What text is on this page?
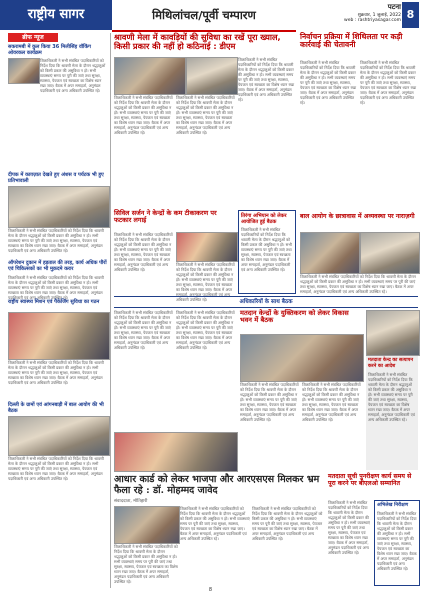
राष्ट्रीय सागर	मिथिलांचल/पूर्वी चम्पारण
पटना
शुक्रवार, 1 जुलाई, 2022
web : rashtriyasagar.com 8
ब्रीफ न्यूज
सकरामबी में कुल किया 36 मिलीसिंह वॉकिंग ओवरकल कार्यक्रम
जिलाधिकारी ने सभी संबंधित पदाधिकारियों को निर्देश दिया कि श्रावणी मेला के दौरान श्रद्धालुओं को किसी प्रकार की असुविधा न हो। सभी व्यवस्थाएं समय पर पूरी की जाएं तथा सुरक्षा, स्वास्थ्य, पेयजल एवं स्वच्छता का विशेष ध्यान रखा जाए। बैठक में अपर समाहर्ता, अनुमंडल पदाधिकारी एवं अन्य अधिकारी उपस्थित रहे।
दीपक में काग़ज़ात देखते हुए अंशस व पर्यटक भी हुए प्रतिभावाली
जिलाधिकारी ने सभी संबंधित पदाधिकारियों को निर्देश दिया कि श्रावणी मेला के दौरान श्रद्धालुओं को किसी प्रकार की असुविधा न हो। सभी व्यवस्थाएं समय पर पूरी की जाएं तथा सुरक्षा, स्वास्थ्य, पेयजल एवं स्वच्छता का विशेष ध्यान रखा जाए। बैठक में अपर समाहर्ता, अनुमंडल पदाधिकारी एवं अन्य अधिकारी उपस्थित रहे।
ऑपरेशन दुकान में हड़ताल की तरह, कार्य अधिक पौरों एवं चिकित्सकों का भी मुक़दमे करार
जिलाधिकारी ने सभी संबंधित पदाधिकारियों को निर्देश दिया कि श्रावणी मेला के दौरान श्रद्धालुओं को किसी प्रकार की असुविधा न हो। सभी व्यवस्थाएं समय पर पूरी की जाएं तथा सुरक्षा, स्वास्थ्य, पेयजल एवं स्वच्छता का विशेष ध्यान रखा जाए। बैठक में अपर समाहर्ता, अनुमंडल पदाधिकारी एवं अन्य अधिकारी उपस्थित रहे।
राष्ट्रीय स्वास्थ्य मिशन एवं पैकेजिंग सुविधा का गठन
जिलाधिकारी ने सभी संबंधित पदाधिकारियों को निर्देश दिया कि श्रावणी मेला के दौरान श्रद्धालुओं को किसी प्रकार की असुविधा न हो। सभी व्यवस्थाएं समय पर पूरी की जाएं तथा सुरक्षा, स्वास्थ्य, पेयजल एवं स्वच्छता का विशेष ध्यान रखा जाए। बैठक में अपर समाहर्ता, अनुमंडल पदाधिकारी एवं अन्य अधिकारी उपस्थित रहे।
दिल्ली के ग्रामों एवं आंगनबाड़ी में बाल आयोग की भी बैठक
जिलाधिकारी ने सभी संबंधित पदाधिकारियों को निर्देश दिया कि श्रावणी मेला के दौरान श्रद्धालुओं को किसी प्रकार की असुविधा न हो। सभी व्यवस्थाएं समय पर पूरी की जाएं तथा सुरक्षा, स्वास्थ्य, पेयजल एवं स्वच्छता का विशेष ध्यान रखा जाए। बैठक में अपर समाहर्ता, अनुमंडल पदाधिकारी एवं अन्य अधिकारी उपस्थित रहे।
श्रावणी मेला में कावड़ियों की सुविधा का रखें पूरा ख्याल, किसी प्रकार की नहीं हो कठिनाई : डीएम
जिलाधिकारी ने सभी संबंधित पदाधिकारियों को निर्देश दिया कि श्रावणी मेला के दौरान श्रद्धालुओं को किसी प्रकार की असुविधा न हो। सभी व्यवस्थाएं समय पर पूरी की जाएं तथा सुरक्षा, स्वास्थ्य, पेयजल एवं स्वच्छता का विशेष ध्यान रखा जाए। बैठक में अपर समाहर्ता, अनुमंडल पदाधिकारी एवं अन्य अधिकारी उपस्थित रहे।
जिलाधिकारी ने सभी संबंधित पदाधिकारियों को निर्देश दिया कि श्रावणी मेला के दौरान श्रद्धालुओं को किसी प्रकार की असुविधा न हो। सभी व्यवस्थाएं समय पर पूरी की जाएं तथा सुरक्षा, स्वास्थ्य, पेयजल एवं स्वच्छता का विशेष ध्यान रखा जाए। बैठक में अपर समाहर्ता, अनुमंडल पदाधिकारी एवं अन्य अधिकारी उपस्थित रहे।
जिलाधिकारी ने सभी संबंधित पदाधिकारियों को निर्देश दिया कि श्रावणी मेला के दौरान श्रद्धालुओं को किसी प्रकार की असुविधा न हो। सभी व्यवस्थाएं समय पर पूरी की जाएं तथा सुरक्षा, स्वास्थ्य, पेयजल एवं स्वच्छता का विशेष ध्यान रखा जाए। बैठक में अपर समाहर्ता, अनुमंडल पदाधिकारी एवं अन्य अधिकारी उपस्थित रहे।
निर्वाचन प्रक्रिया में शिथिलता पर कड़ी कार्रवाई की चेतावनी
जिलाधिकारी ने सभी संबंधित पदाधिकारियों को निर्देश दिया कि श्रावणी मेला के दौरान श्रद्धालुओं को किसी प्रकार की असुविधा न हो। सभी व्यवस्थाएं समय पर पूरी की जाएं तथा सुरक्षा, स्वास्थ्य, पेयजल एवं स्वच्छता का विशेष ध्यान रखा जाए। बैठक में अपर समाहर्ता, अनुमंडल पदाधिकारी एवं अन्य अधिकारी उपस्थित रहे।
जिलाधिकारी ने सभी संबंधित पदाधिकारियों को निर्देश दिया कि श्रावणी मेला के दौरान श्रद्धालुओं को किसी प्रकार की असुविधा न हो। सभी व्यवस्थाएं समय पर पूरी की जाएं तथा सुरक्षा, स्वास्थ्य, पेयजल एवं स्वच्छता का विशेष ध्यान रखा जाए। बैठक में अपर समाहर्ता, अनुमंडल पदाधिकारी एवं अन्य अधिकारी उपस्थित रहे।
सिविल सर्जन ने केन्द्रों के कम टीकाकरण पर फटकार लगाई
जिलाधिकारी ने सभी संबंधित पदाधिकारियों को निर्देश दिया कि श्रावणी मेला के दौरान श्रद्धालुओं को किसी प्रकार की असुविधा न हो। सभी व्यवस्थाएं समय पर पूरी की जाएं तथा सुरक्षा, स्वास्थ्य, पेयजल एवं स्वच्छता का विशेष ध्यान रखा जाए। बैठक में अपर समाहर्ता, अनुमंडल पदाधिकारी एवं अन्य अधिकारी उपस्थित रहे।
जिलाधिकारी ने सभी संबंधित पदाधिकारियों को निर्देश दिया कि श्रावणी मेला के दौरान श्रद्धालुओं को किसी प्रकार की असुविधा न हो। सभी व्यवस्थाएं समय पर पूरी की जाएं तथा सुरक्षा, स्वास्थ्य, पेयजल एवं स्वच्छता का विशेष ध्यान रखा जाए। बैठक में अपर समाहर्ता, अनुमंडल पदाधिकारी एवं अन्य अधिकारी उपस्थित रहे।
तिरंगा अभियान को लेकर आयोजित हुई बैठक
जिलाधिकारी ने सभी संबंधित पदाधिकारियों को निर्देश दिया कि श्रावणी मेला के दौरान श्रद्धालुओं को किसी प्रकार की असुविधा न हो। सभी व्यवस्थाएं समय पर पूरी की जाएं तथा सुरक्षा, स्वास्थ्य, पेयजल एवं स्वच्छता का विशेष ध्यान रखा जाए। बैठक में अपर समाहर्ता, अनुमंडल पदाधिकारी एवं अन्य अधिकारी उपस्थित रहे।
बाल आयोग के छात्रावास में अव्यवस्था पर नाराज़गी
जिलाधिकारी ने सभी संबंधित पदाधिकारियों को निर्देश दिया कि श्रावणी मेला के दौरान श्रद्धालुओं को किसी प्रकार की असुविधा न हो। सभी व्यवस्थाएं समय पर पूरी की जाएं तथा सुरक्षा, स्वास्थ्य, पेयजल एवं स्वच्छता का विशेष ध्यान रखा जाए। बैठक में अपर समाहर्ता, अनुमंडल पदाधिकारी एवं अन्य अधिकारी उपस्थित रहे।
अधिकारियों के साथ बैठक
जिलाधिकारी ने सभी संबंधित पदाधिकारियों को निर्देश दिया कि श्रावणी मेला के दौरान श्रद्धालुओं को किसी प्रकार की असुविधा न हो। सभी व्यवस्थाएं समय पर पूरी की जाएं तथा सुरक्षा, स्वास्थ्य, पेयजल एवं स्वच्छता का विशेष ध्यान रखा जाए। बैठक में अपर समाहर्ता, अनुमंडल पदाधिकारी एवं अन्य अधिकारी उपस्थित रहे।
जिलाधिकारी ने सभी संबंधित पदाधिकारियों को निर्देश दिया कि श्रावणी मेला के दौरान श्रद्धालुओं को किसी प्रकार की असुविधा न हो। सभी व्यवस्थाएं समय पर पूरी की जाएं तथा सुरक्षा, स्वास्थ्य, पेयजल एवं स्वच्छता का विशेष ध्यान रखा जाए। बैठक में अपर समाहर्ता, अनुमंडल पदाधिकारी एवं अन्य अधिकारी उपस्थित रहे।
मतदान केन्द्रों के युक्तिकरण को लेकर विकास भवन में बैठक
जिलाधिकारी ने सभी संबंधित पदाधिकारियों को निर्देश दिया कि श्रावणी मेला के दौरान श्रद्धालुओं को किसी प्रकार की असुविधा न हो। सभी व्यवस्थाएं समय पर पूरी की जाएं तथा सुरक्षा, स्वास्थ्य, पेयजल एवं स्वच्छता का विशेष ध्यान रखा जाए। बैठक में अपर समाहर्ता, अनुमंडल पदाधिकारी एवं अन्य अधिकारी उपस्थित रहे।
जिलाधिकारी ने सभी संबंधित पदाधिकारियों को निर्देश दिया कि श्रावणी मेला के दौरान श्रद्धालुओं को किसी प्रकार की असुविधा न हो। सभी व्यवस्थाएं समय पर पूरी की जाएं तथा सुरक्षा, स्वास्थ्य, पेयजल एवं स्वच्छता का विशेष ध्यान रखा जाए। बैठक में अपर समाहर्ता, अनुमंडल पदाधिकारी एवं अन्य अधिकारी उपस्थित रहे।
मतदाता केन्द्र का सत्यापन करने का आदेश
जिलाधिकारी ने सभी संबंधित पदाधिकारियों को निर्देश दिया कि श्रावणी मेला के दौरान श्रद्धालुओं को किसी प्रकार की असुविधा न हो। सभी व्यवस्थाएं समय पर पूरी की जाएं तथा सुरक्षा, स्वास्थ्य, पेयजल एवं स्वच्छता का विशेष ध्यान रखा जाए। बैठक में अपर समाहर्ता, अनुमंडल पदाधिकारी एवं अन्य अधिकारी उपस्थित रहे।
आधार कार्ड को लेकर भाजपा और आरएसएस मिलकर भ्रम फैला रहे : डॉ. मोहम्मद जावेद
संवाददाता, मोतिहारी
जिलाधिकारी ने सभी संबंधित पदाधिकारियों को निर्देश दिया कि श्रावणी मेला के दौरान श्रद्धालुओं को किसी प्रकार की असुविधा न हो। सभी व्यवस्थाएं समय पर पूरी की जाएं तथा सुरक्षा, स्वास्थ्य, पेयजल एवं स्वच्छता का विशेष ध्यान रखा जाए। बैठक में अपर समाहर्ता, अनुमंडल पदाधिकारी एवं अन्य अधिकारी उपस्थित रहे।
जिलाधिकारी ने सभी संबंधित पदाधिकारियों को निर्देश दिया कि श्रावणी मेला के दौरान श्रद्धालुओं को किसी प्रकार की असुविधा न हो। सभी व्यवस्थाएं समय पर पूरी की जाएं तथा सुरक्षा, स्वास्थ्य, पेयजल एवं स्वच्छता का विशेष ध्यान रखा जाए। बैठक में अपर समाहर्ता, अनुमंडल पदाधिकारी एवं अन्य अधिकारी उपस्थित रहे।
जिलाधिकारी ने सभी संबंधित पदाधिकारियों को निर्देश दिया कि श्रावणी मेला के दौरान श्रद्धालुओं को किसी प्रकार की असुविधा न हो। सभी व्यवस्थाएं समय पर पूरी की जाएं तथा सुरक्षा, स्वास्थ्य, पेयजल एवं स्वच्छता का विशेष ध्यान रखा जाए। बैठक में अपर समाहर्ता, अनुमंडल पदाधिकारी एवं अन्य अधिकारी उपस्थित रहे।
मतदाता सूची पुनरीक्षण कार्य समय से पूरा करने पर बीएलओ सम्मानित
जिलाधिकारी ने सभी संबंधित पदाधिकारियों को निर्देश दिया कि श्रावणी मेला के दौरान श्रद्धालुओं को किसी प्रकार की असुविधा न हो। सभी व्यवस्थाएं समय पर पूरी की जाएं तथा सुरक्षा, स्वास्थ्य, पेयजल एवं स्वच्छता का विशेष ध्यान रखा जाए। बैठक में अपर समाहर्ता, अनुमंडल पदाधिकारी एवं अन्य अधिकारी उपस्थित रहे।
अभिलेख निरीक्षण
जिलाधिकारी ने सभी संबंधित पदाधिकारियों को निर्देश दिया कि श्रावणी मेला के दौरान श्रद्धालुओं को किसी प्रकार की असुविधा न हो। सभी व्यवस्थाएं समय पर पूरी की जाएं तथा सुरक्षा, स्वास्थ्य, पेयजल एवं स्वच्छता का विशेष ध्यान रखा जाए। बैठक में अपर समाहर्ता, अनुमंडल पदाधिकारी एवं अन्य अधिकारी उपस्थित रहे।
8
